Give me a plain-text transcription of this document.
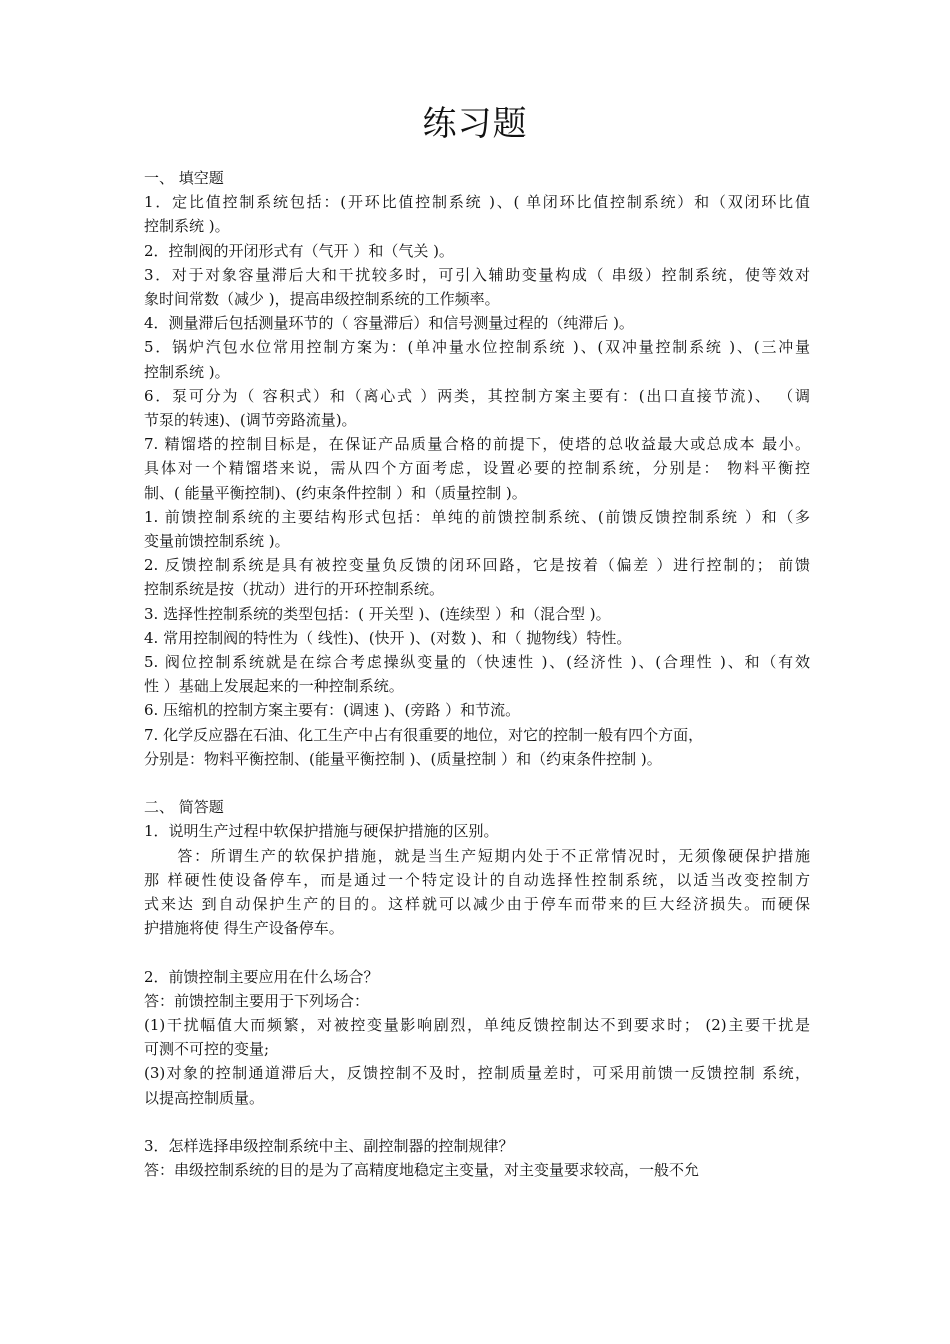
练习题
一、 填空题
1．定比值控制系统包括：(开环比值控制系统 )、( 单闭环比值控制系统）和（双闭环比值
控制系统 )。
2．控制阀的开闭形式有（气开 ）和（气关 )。
3．对于对象容量滞后大和干扰较多时，可引入辅助变量构成（ 串级）控制系统，使等效对
象时间常数（减少 )，提高串级控制系统的工作频率。
4．测量滞后包括测量环节的（ 容量滞后）和信号测量过程的（纯滞后 )。
5．锅炉汽包水位常用控制方案为：(单冲量水位控制系统 )、(双冲量控制系统 )、(三冲量
控制系统 )。
6．泵可分为（ 容积式）和（离心式 ）两类，其控制方案主要有：(出口直接节流)、 （调
节泵的转速)、(调节旁路流量)。
7. 精馏塔的控制目标是，在保证产品质量合格的前提下，使塔的总收益最大或总成本 最小。
具体对一个精馏塔来说，需从四个方面考虑，设置必要的控制系统，分别是： 物料平衡控
制、( 能量平衡控制)、(约束条件控制 ）和（质量控制 )。
1. 前馈控制系统的主要结构形式包括：单纯的前馈控制系统、(前馈反馈控制系统 ）和（多
变量前馈控制系统 )。
2. 反馈控制系统是具有被控变量负反馈的闭环回路，它是按着（偏差 ）进行控制的； 前馈
控制系统是按（扰动）进行的开环控制系统。
3. 选择性控制系统的类型包括：( 开关型 )、(连续型 ）和（混合型 )。
4. 常用控制阀的特性为（ 线性)、(快开 )、(对数 )、和（ 抛物线）特性。
5. 阀位控制系统就是在综合考虑操纵变量的（快速性 )、(经济性 )、(合理性 )、和（有效
性 ）基础上发展起来的一种控制系统。
6. 压缩机的控制方案主要有：(调速 )、(旁路 ）和节流。
7. 化学反应器在石油、化工生产中占有很重要的地位，对它的控制一般有四个方面，
分别是：物料平衡控制、(能量平衡控制 )、(质量控制 ）和（约束条件控制 )。
二、 简答题
1．说明生产过程中软保护措施与硬保护措施的区别。
　　答：所谓生产的软保护措施，就是当生产短期内处于不正常情况时，无须像硬保护措施
那 样硬性使设备停车，而是通过一个特定设计的自动选择性控制系统，以适当改变控制方
式来达 到自动保护生产的目的。这样就可以减少由于停车而带来的巨大经济损失。而硬保
护措施将使 得生产设备停车。
2．前馈控制主要应用在什么场合？
答：前馈控制主要用于下列场合：
(1)干扰幅值大而频繁，对被控变量影响剧烈，单纯反馈控制达不到要求时； (2)主要干扰是
可测不可控的变量;
(3)对象的控制通道滞后大，反馈控制不及时，控制质量差时，可采用前馈一反馈控制 系统，
以提高控制质量。
3．怎样选择串级控制系统中主、副控制器的控制规律？
答：串级控制系统的目的是为了高精度地稳定主变量，对主变量要求较高，一般不允
